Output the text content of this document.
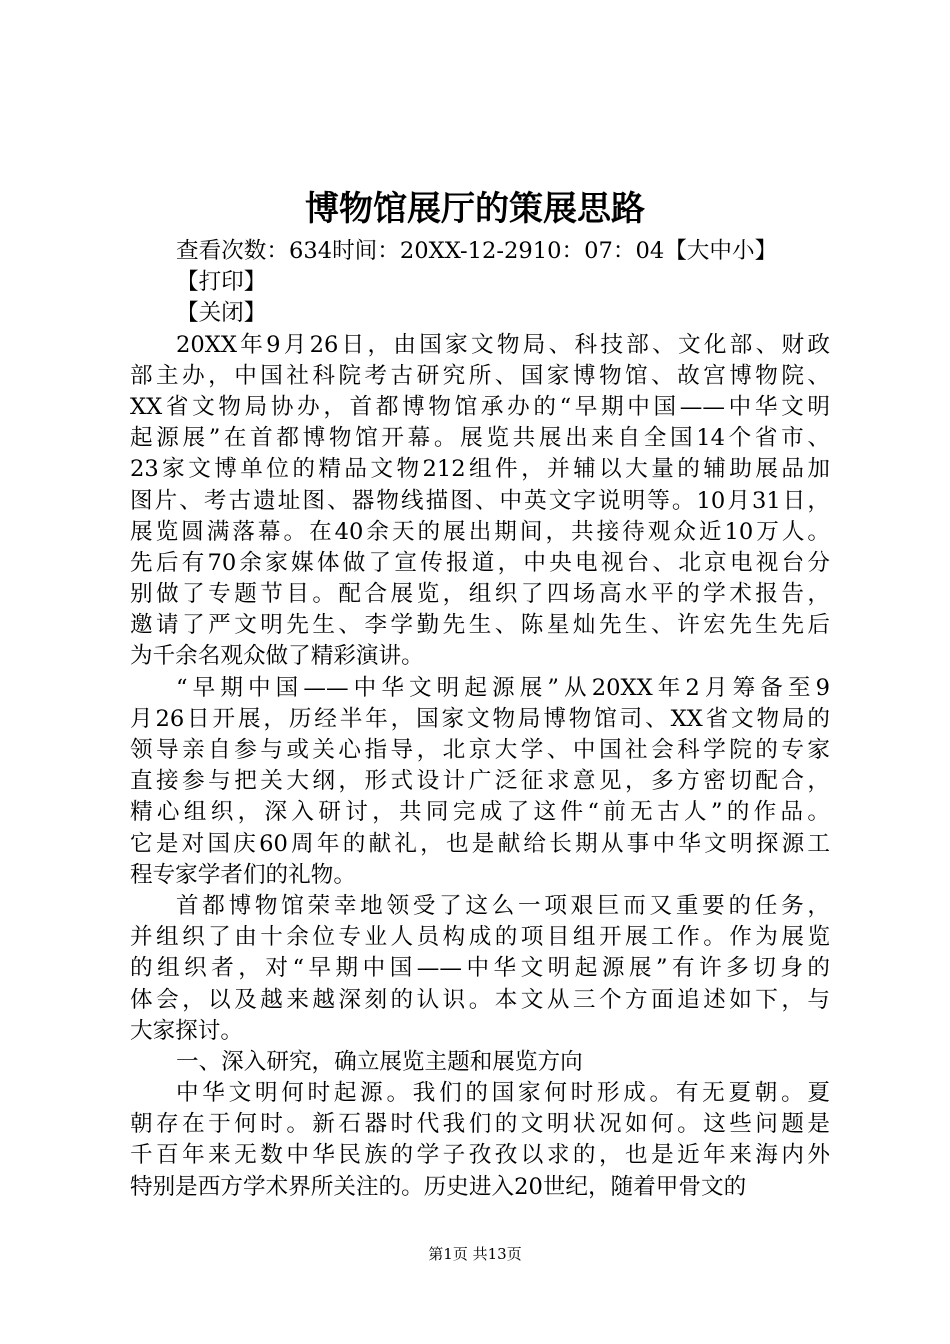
博物馆展厅的策展思路
查看次数：634时间：20XX-12-2910：07：04【大中小】
【打印】
【关闭】
20XX年9月26日，由国家文物局、科技部、文化部、财政
部主办，中国社科院考古研究所、国家博物馆、故宫博物院、
XX省文物局协办，首都博物馆承办的“早期中国——中华文明
起源展”在首都博物馆开幕。展览共展出来自全国14个省市、
23家文博单位的精品文物212组件，并辅以大量的辅助展品加
图片、考古遗址图、器物线描图、中英文字说明等。10月31日，
展览圆满落幕。在40余天的展出期间，共接待观众近10万人。
先后有70余家媒体做了宣传报道，中央电视台、北京电视台分
别做了专题节目。配合展览，组织了四场高水平的学术报告，
邀请了严文明先生、李学勤先生、陈星灿先生、许宏先生先后
为千余名观众做了精彩演讲。
“早期中国——中华文明起源展”从20XX年2月筹备至9
月26日开展，历经半年，国家文物局博物馆司、XX省文物局的
领导亲自参与或关心指导，北京大学、中国社会科学院的专家
直接参与把关大纲，形式设计广泛征求意见，多方密切配合，
精心组织，深入研讨，共同完成了这件“前无古人”的作品。
它是对国庆60周年的献礼，也是献给长期从事中华文明探源工
程专家学者们的礼物。
首都博物馆荣幸地领受了这么一项艰巨而又重要的任务，
并组织了由十余位专业人员构成的项目组开展工作。作为展览
的组织者，对“早期中国——中华文明起源展”有许多切身的
体会，以及越来越深刻的认识。本文从三个方面追述如下，与
大家探讨。
一、深入研究，确立展览主题和展览方向
中华文明何时起源。我们的国家何时形成。有无夏朝。夏
朝存在于何时。新石器时代我们的文明状况如何。这些问题是
千百年来无数中华民族的学子孜孜以求的，也是近年来海内外
特别是西方学术界所关注的。历史进入20世纪，随着甲骨文的
第1页 共13页
